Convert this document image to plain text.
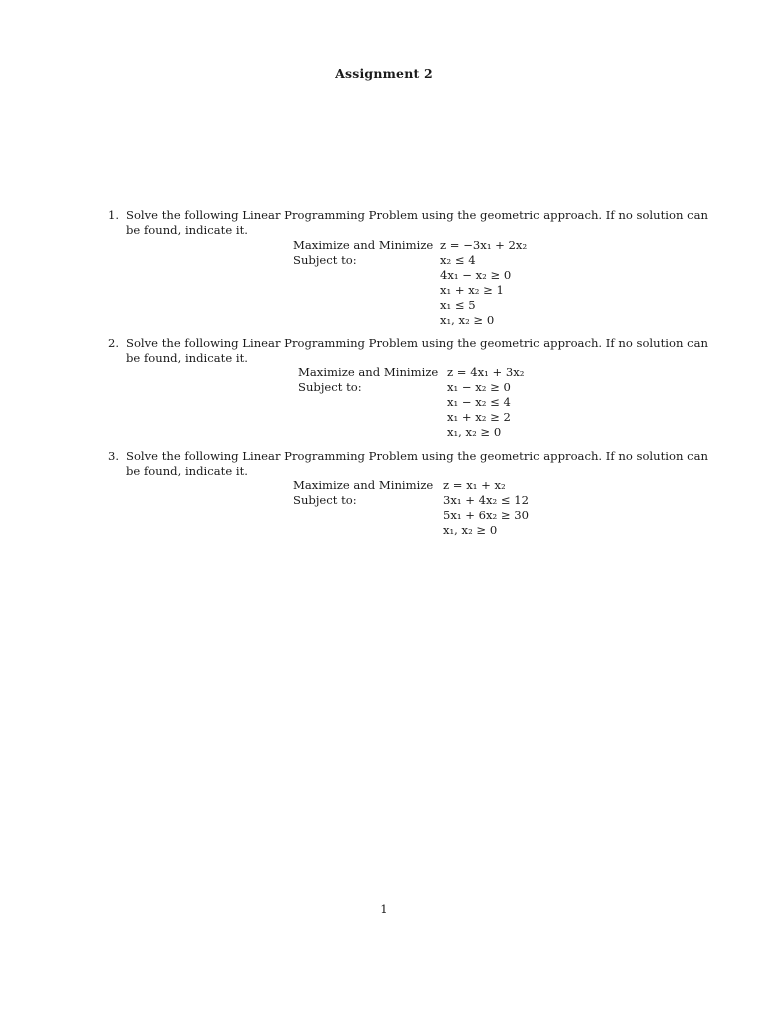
Assignment 2
1. Solve the following Linear Programming Problem using the geometric approach. If no solution can be found, indicate it.
Maximize and Minimize
Subject to:
z = −3x₁ + 2x₂
x₂ ≤ 4
4x₁ − x₂ ≥ 0
x₁ + x₂ ≥ 1
x₁ ≤ 5
x₁, x₂ ≥ 0
2. Solve the following Linear Programming Problem using the geometric approach. If no solution can be found, indicate it.
Maximize and Minimize
Subject to:
z = 4x₁ + 3x₂
x₁ − x₂ ≥ 0
x₁ − x₂ ≤ 4
x₁ + x₂ ≥ 2
x₁, x₂ ≥ 0
3. Solve the following Linear Programming Problem using the geometric approach. If no solution can be found, indicate it.
Maximize and Minimize
Subject to:
z = x₁ + x₂
3x₁ + 4x₂ ≤ 12
5x₁ + 6x₂ ≥ 30
x₁, x₂ ≥ 0
1
